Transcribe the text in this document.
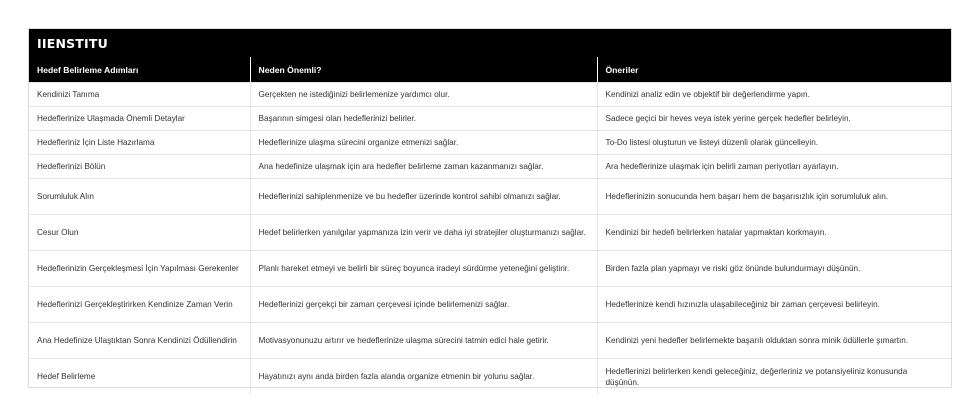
IIENSTITU
Hedef Belirleme Adımları	Neden Önemli?	Öneriler
Kendinizi Tanıma	Gerçekten ne istediğinizi belirlemenize yardımcı olur.	Kendinizi analiz edin ve objektif bir değerlendirme yapın.
Hedeflerinize Ulaşmada Önemli Detaylar	Başarının simgesi olan hedeflerinizi belirler.	Sadece geçici bir heves veya istek yerine gerçek hedefler belirleyin.
Hedefleriniz İçin Liste Hazırlama	Hedeflerinize ulaşma sürecini organize etmenizi sağlar.	To-Do listesi oluşturun ve listeyi düzenli olarak güncelleyin.
Hedeflerinizi Bölün	Ana hedefinize ulaşmak için ara hedefler belirleme zaman kazanmanızı sağlar.	Ara hedeflerinize ulaşmak için belirli zaman periyotları ayarlayın.
Sorumluluk Alın	Hedeflerinizi sahiplenmenize ve bu hedefler üzerinde kontrol sahibi olmanızı sağlar.	Hedeflerinizin sonucunda hem başarı hem de başarısızlık için sorumluluk alın.
Cesur Olun	Hedef belirlerken yanılgılar yapmanıza izin verir ve daha iyi stratejiler oluşturmanızı sağlar.	Kendinizi bir hedefi belirlerken hatalar yapmaktan korkmayın.
Hedeflerinizin Gerçekleşmesi İçin Yapılması Gerekenler	Planlı hareket etmeyi ve belirli bir süreç boyunca iradeyi sürdürme yeteneğini geliştirir.	Birden fazla plan yapmayı ve riski göz önünde bulundurmayı düşünün.
Hedeflerinizi Gerçekleştirirken Kendinize Zaman Verin	Hedeflerinizi gerçekçi bir zaman çerçevesi içinde belirlemenizi sağlar.	Hedeflerinize kendi hızınızla ulaşabileceğiniz bir zaman çerçevesi belirleyin.
Ana Hedefinize Ulaştıktan Sonra Kendinizi Ödüllendirin	Motivasyonunuzu artırır ve hedeflerinize ulaşma sürecini tatmin edici hale getirir.	Kendinizi yeni hedefler belirlemekte başarılı olduktan sonra minik ödüllerle şımartın.
Hedef Belirleme	Hayatınızı aynı anda birden fazla alanda organize etmenin bir yolunu sağlar.	Hedeflerinizi belirlerken kendi geleceğiniz, değerleriniz ve potansiyeliniz konusunda düşünün.
